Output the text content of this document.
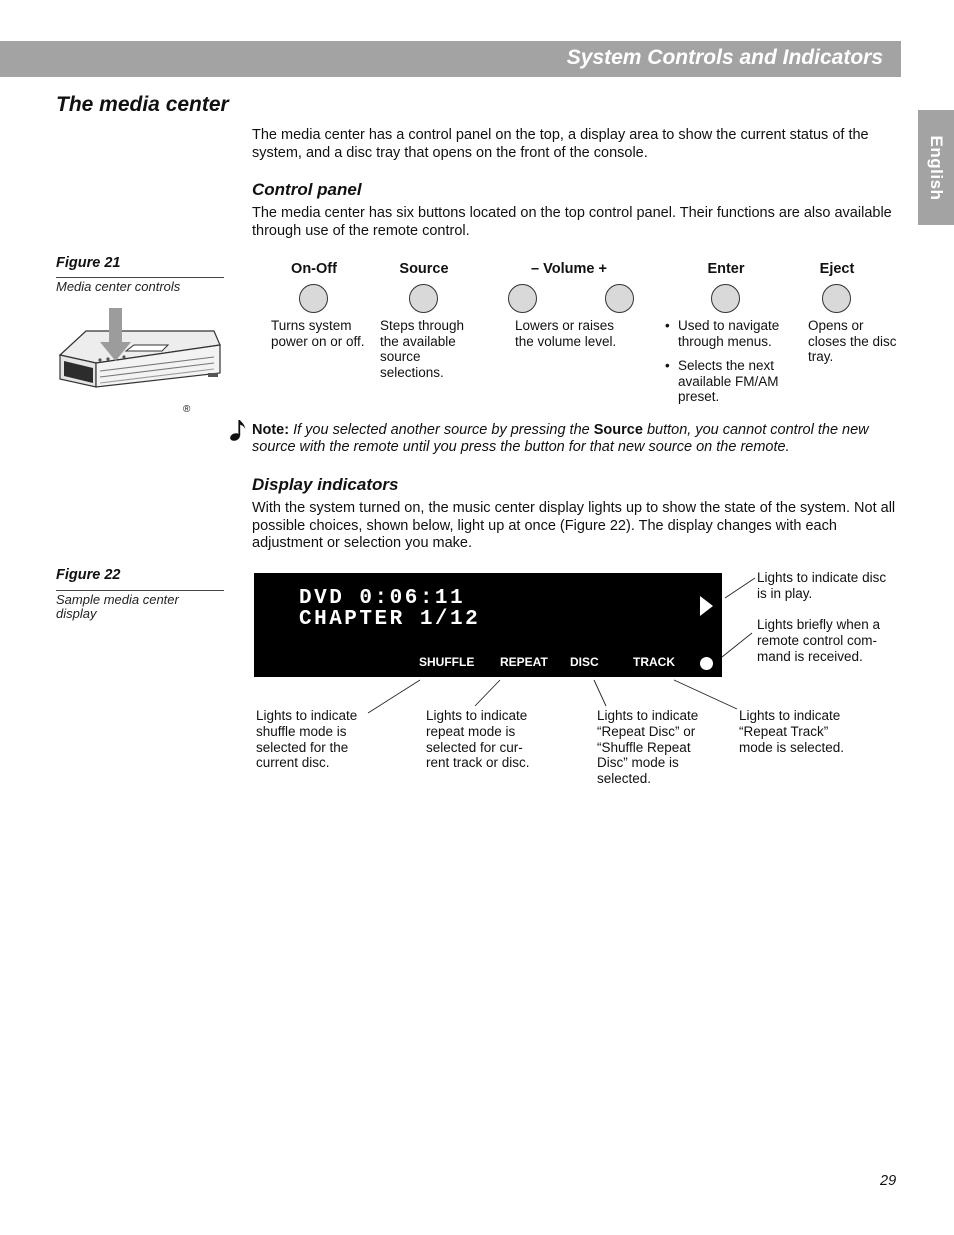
System Controls and Indicators
English
The media center
The media center has a control panel on the top, a display area to show the current status of the system, and a disc tray that opens on the front of the console.
Control panel
The media center has six buttons located on the top control panel. Their functions are also available through use of the remote control.
Figure 21
Media center controls
®
On-Off
Turns system power on or off.
Source
Steps through the available source selections.
– Volume +
Lowers or raises the volume level.
Enter
• Used to navigate through menus.
• Selects the next available FM/AM preset.
Eject
Opens or closes the disc tray.
Note: If you selected another source by pressing the Source button, you cannot control the new source with the remote until you press the button for that new source on the remote.
Display indicators
With the system turned on, the music center display lights up to show the state of the system. Not all possible choices, shown below, light up at once (Figure 22). The display changes with each adjustment or selection you make.
Figure 22
Sample media center display
DVD 0:06:11
CHAPTER 1/12
SHUFFLE REPEAT DISC	TRACK
Lights to indicate disc is in play.
Lights briefly when a remote control com-mand is received.
Lights to indicate shuffle mode is selected for the current disc.
Lights to indicate repeat mode is selected for cur-rent track or disc.
Lights to indicate “Repeat Disc” or “Shuffle Repeat Disc” mode is selected.
Lights to indicate “Repeat Track” mode is selected.
29
